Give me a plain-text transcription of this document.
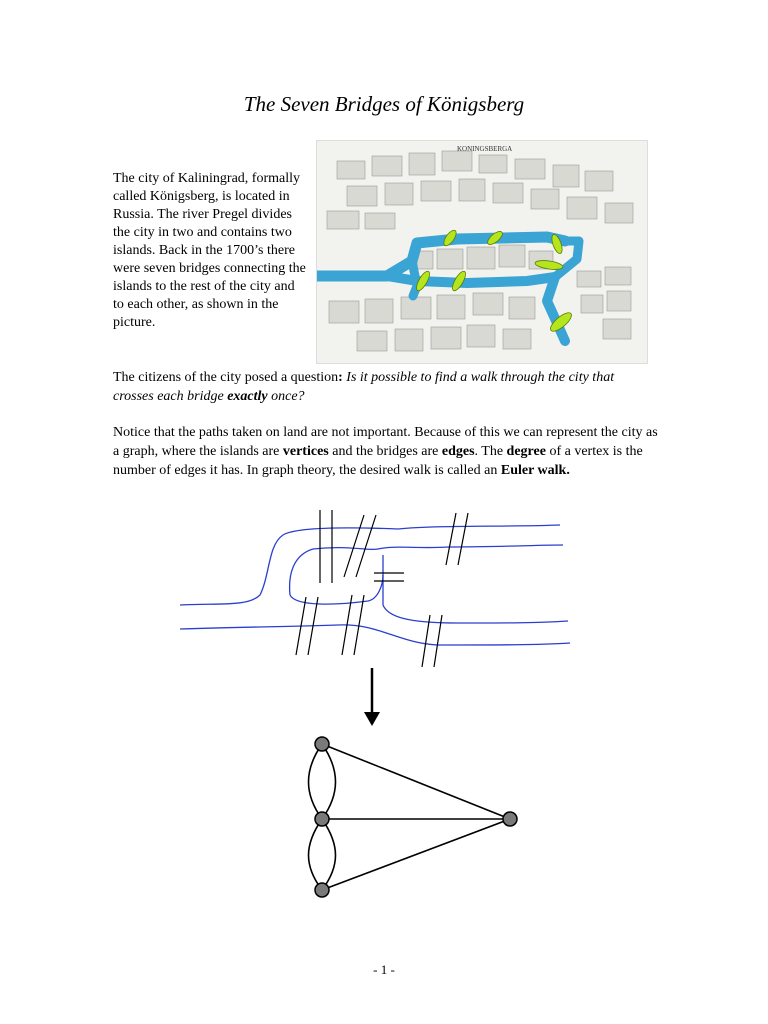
The Seven Bridges of Königsberg

The city of Kaliningrad, formally called Königsberg, is located in Russia. The river Pregel divides the city in two and contains two islands. Back in the 1700’s there were seven bridges connecting the islands to the rest of the city and to each other, as shown in the picture.

KONINGSBERGA

The citizens of the city posed a question: Is it possible to find a walk through the city that crosses each bridge exactly once?

Notice that the paths taken on land are not important. Because of this we can represent the city as a graph, where the islands are vertices and the bridges are edges. The degree of a vertex is the number of edges it has. In graph theory, the desired walk is called an Euler walk.

- 1 -
